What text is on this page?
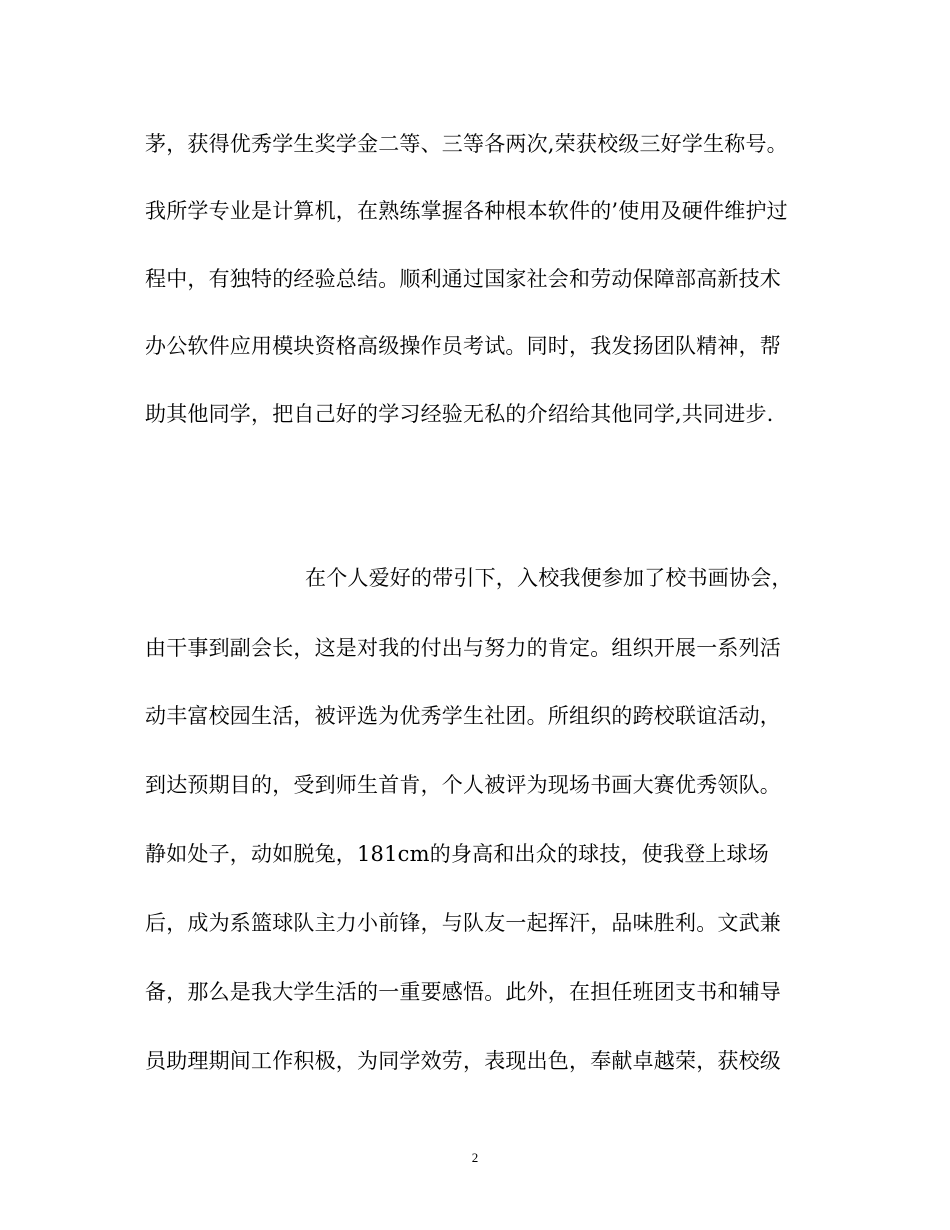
茅，获得优秀学生奖学金二等、三等各两次,荣获校级三好学生称号。
我所学专业是计算机，在熟练掌握各种根本软件的’使用及硬件维护过
程中，有独特的经验总结。顺利通过国家社会和劳动保障部高新技术
办公软件应用模块资格高级操作员考试。同时，我发扬团队精神，帮
助其他同学，把自己好的学习经验无私的介绍给其他同学,共同进步.
在个人爱好的带引下，入校我便参加了校书画协会，
由干事到副会长，这是对我的付出与努力的肯定。组织开展一系列活
动丰富校园生活，被评选为优秀学生社团。所组织的跨校联谊活动，
到达预期目的，受到师生首肯，个人被评为现场书画大赛优秀领队。
静如处子，动如脱兔，181cm的身高和出众的球技，使我登上球场
后，成为系篮球队主力小前锋，与队友一起挥汗，品味胜利。文武兼
备，那么是我大学生活的一重要感悟。此外，在担任班团支书和辅导
员助理期间工作积极，为同学效劳，表现出色，奉献卓越荣，获校级
2
